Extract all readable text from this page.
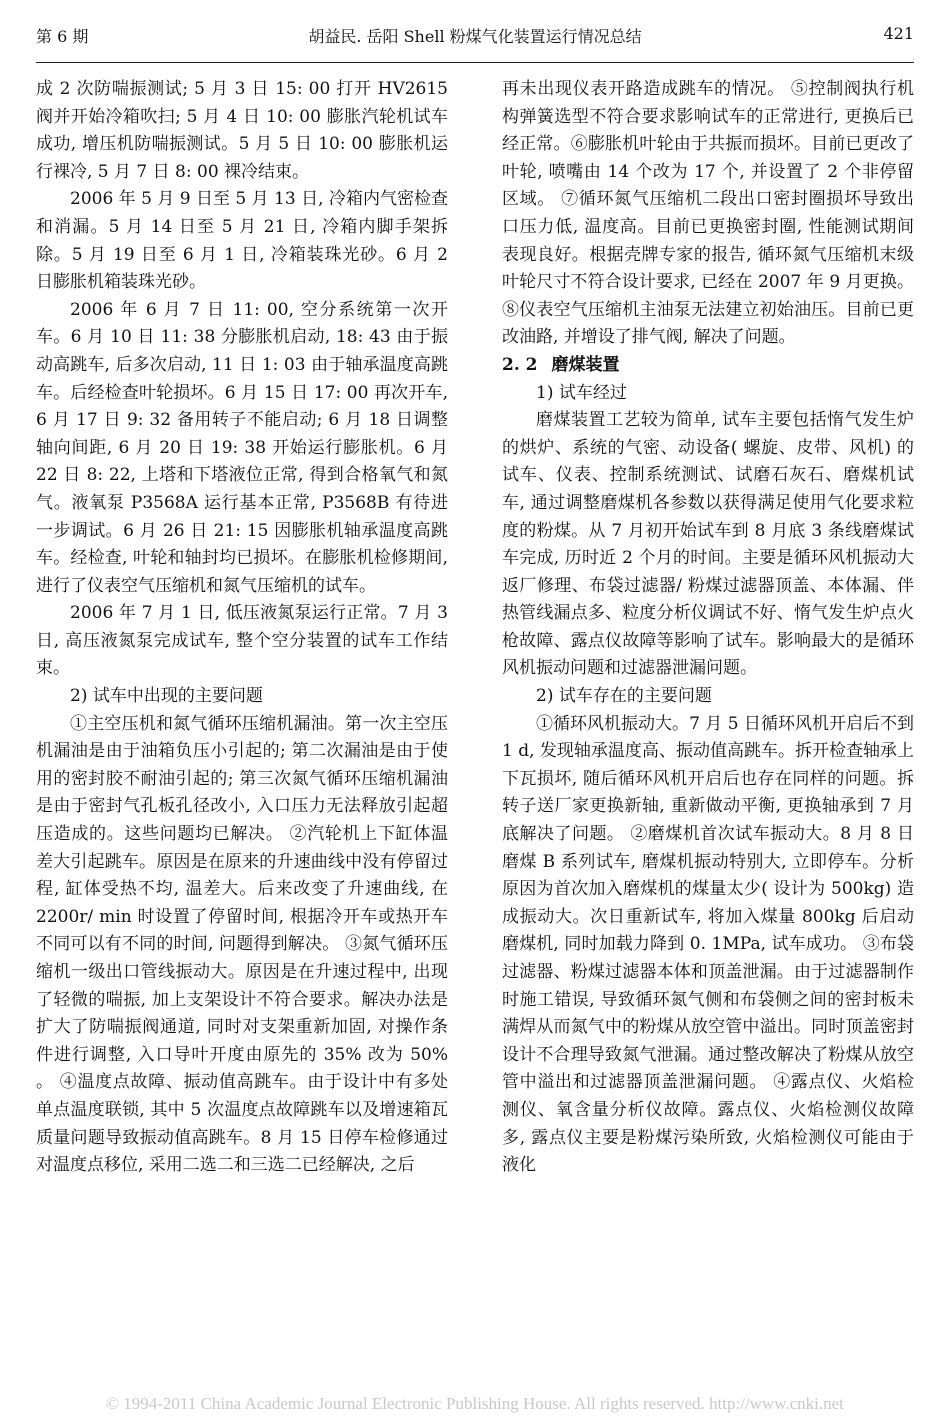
第 6 期	胡益民. 岳阳 Shell 粉煤气化装置运行情况总结	421

成 2 次防喘振测试; 5 月 3 日 15: 00 打开 HV2615 阀并开始冷箱吹扫; 5 月 4 日 10: 00 膨胀汽轮机试车成功, 增压机防喘振测试。5 月 5 日 10: 00 膨胀机运行裸冷, 5 月 7 日 8: 00 裸冷结束。

2006 年 5 月 9 日至 5 月 13 日, 冷箱内气密检查和消漏。5 月 14 日至 5 月 21 日, 冷箱内脚手架拆除。5 月 19 日至 6 月 1 日, 冷箱装珠光砂。6 月 2 日膨胀机箱装珠光砂。

2006 年 6 月 7 日 11: 00, 空分系统第一次开车。6 月 10 日 11: 38 分膨胀机启动, 18: 43 由于振动高跳车, 后多次启动, 11 日 1: 03 由于轴承温度高跳车。后经检查叶轮损坏。6 月 15 日 17: 00 再次开车, 6 月 17 日 9: 32 备用转子不能启动; 6 月 18 日调整轴向间距, 6 月 20 日 19: 38 开始运行膨胀机。6 月 22 日 8: 22, 上塔和下塔液位正常, 得到合格氧气和氮气。液氧泵 P3568A 运行基本正常, P3568B 有待进一步调试。6 月 26 日 21: 15 因膨胀机轴承温度高跳车。经检查, 叶轮和轴封均已损坏。在膨胀机检修期间, 进行了仪表空气压缩机和氮气压缩机的试车。

2006 年 7 月 1 日, 低压液氮泵运行正常。7 月 3 日, 高压液氮泵完成试车, 整个空分装置的试车工作结束。

2) 试车中出现的主要问题

①主空压机和氮气循环压缩机漏油。第一次主空压机漏油是由于油箱负压小引起的; 第二次漏油是由于使用的密封胶不耐油引起的; 第三次氮气循环压缩机漏油是由于密封气孔板孔径改小, 入口压力无法释放引起超压造成的。这些问题均已解决。 ②汽轮机上下缸体温差大引起跳车。原因是在原来的升速曲线中没有停留过程, 缸体受热不均, 温差大。后来改变了升速曲线, 在 2200r/ min 时设置了停留时间, 根据冷开车或热开车不同可以有不同的时间, 问题得到解决。 ③氮气循环压缩机一级出口管线振动大。原因是在升速过程中, 出现了轻微的喘振, 加上支架设计不符合要求。解决办法是扩大了防喘振阀通道, 同时对支架重新加固, 对操作条件进行调整, 入口导叶开度由原先的 35% 改为 50% 。 ④温度点故障、振动值高跳车。由于设计中有多处单点温度联锁, 其中 5 次温度点故障跳车以及增速箱瓦质量问题导致振动值高跳车。8 月 15 日停车检修通过对温度点移位, 采用二选二和三选二已经解决, 之后

再未出现仪表开路造成跳车的情况。 ⑤控制阀执行机构弹簧选型不符合要求影响试车的正常进行, 更换后已经正常。⑥膨胀机叶轮由于共振而损坏。目前已更改了叶轮, 喷嘴由 14 个改为 17 个, 并设置了 2 个非停留区域。 ⑦循环氮气压缩机二段出口密封圈损坏导致出口压力低, 温度高。目前已更换密封圈, 性能测试期间表现良好。根据壳牌专家的报告, 循环氮气压缩机末级叶轮尺寸不符合设计要求, 已经在 2007 年 9 月更换。 ⑧仪表空气压缩机主油泵无法建立初始油压。目前已更改油路, 并增设了排气阀, 解决了问题。

2. 2 磨煤装置

1) 试车经过

磨煤装置工艺较为简单, 试车主要包括惰气发生炉的烘炉、系统的气密、动设备( 螺旋、皮带、风机) 的试车、仪表、控制系统测试、试磨石灰石、磨煤机试车, 通过调整磨煤机各参数以获得满足使用气化要求粒度的粉煤。从 7 月初开始试车到 8 月底 3 条线磨煤试车完成, 历时近 2 个月的时间。主要是循环风机振动大返厂修理、布袋过滤器/ 粉煤过滤器顶盖、本体漏、伴热管线漏点多、粒度分析仪调试不好、惰气发生炉点火枪故障、露点仪故障等影响了试车。影响最大的是循环风机振动问题和过滤器泄漏问题。

2) 试车存在的主要问题

①循环风机振动大。7 月 5 日循环风机开启后不到 1 d, 发现轴承温度高、振动值高跳车。拆开检查轴承上下瓦损坏, 随后循环风机开启后也存在同样的问题。拆转子送厂家更换新轴, 重新做动平衡, 更换轴承到 7 月底解决了问题。 ②磨煤机首次试车振动大。8 月 8 日磨煤 B 系列试车, 磨煤机振动特别大, 立即停车。分析原因为首次加入磨煤机的煤量太少( 设计为 500kg) 造成振动大。次日重新试车, 将加入煤量 800kg 后启动磨煤机, 同时加载力降到 0. 1MPa, 试车成功。 ③布袋过滤器、粉煤过滤器本体和顶盖泄漏。由于过滤器制作时施工错误, 导致循环氮气侧和布袋侧之间的密封板未满焊从而氮气中的粉煤从放空管中溢出。同时顶盖密封设计不合理导致氮气泄漏。通过整改解决了粉煤从放空管中溢出和过滤器顶盖泄漏问题。 ④露点仪、火焰检测仪、氧含量分析仪故障。露点仪、火焰检测仪故障多, 露点仪主要是粉煤污染所致, 火焰检测仪可能由于液化

© 1994-2011 China Academic Journal Electronic Publishing House. All rights reserved. http://www.cnki.net
